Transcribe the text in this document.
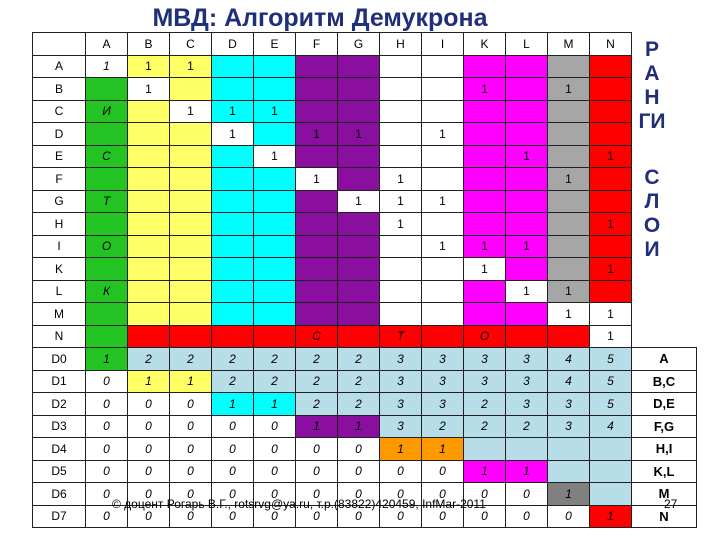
МВД: Алгоритм Демукрона
	A	B	C	D	E	F	G	H	I	K	L	M	N	
A	1	1	1											
B		1								1		1		
C	И		1	1	1									
D				1		1	1		1					
E	С				1						1		1	
F						1		1				1		
G	Т						1	1	1					
H								1					1	
I	О								1	1	1			
K										1			1	
L	К										1	1		
M												1	1	
N						С		Т		О			1	
D0	1	2	2	2	2	2	2	3	3	3	3	4	5	A
D1	0	1	1	2	2	2	2	3	3	3	3	4	5	B,C
D2	0	0	0	1	1	2	2	3	3	2	3	3	5	D,E
D3	0	0	0	0	0	1	1	3	2	2	2	3	4	F,G
D4	0	0	0	0	0	0	0	1	1					H,I
D5	0	0	0	0	0	0	0	0	0	1	1			K,L
D6	0	0	0	0	0	0	0	0	0	0	0	1		M
D7	0	0	0	0	0	0	0	0	0	0	0	0	1	N
Р
А
Н
ГИ
С
Л
О
И
© доцент Рогарь В.Г., rotsrvg@ya.ru, т.р.(83822)420459, InfMar-2011	27
